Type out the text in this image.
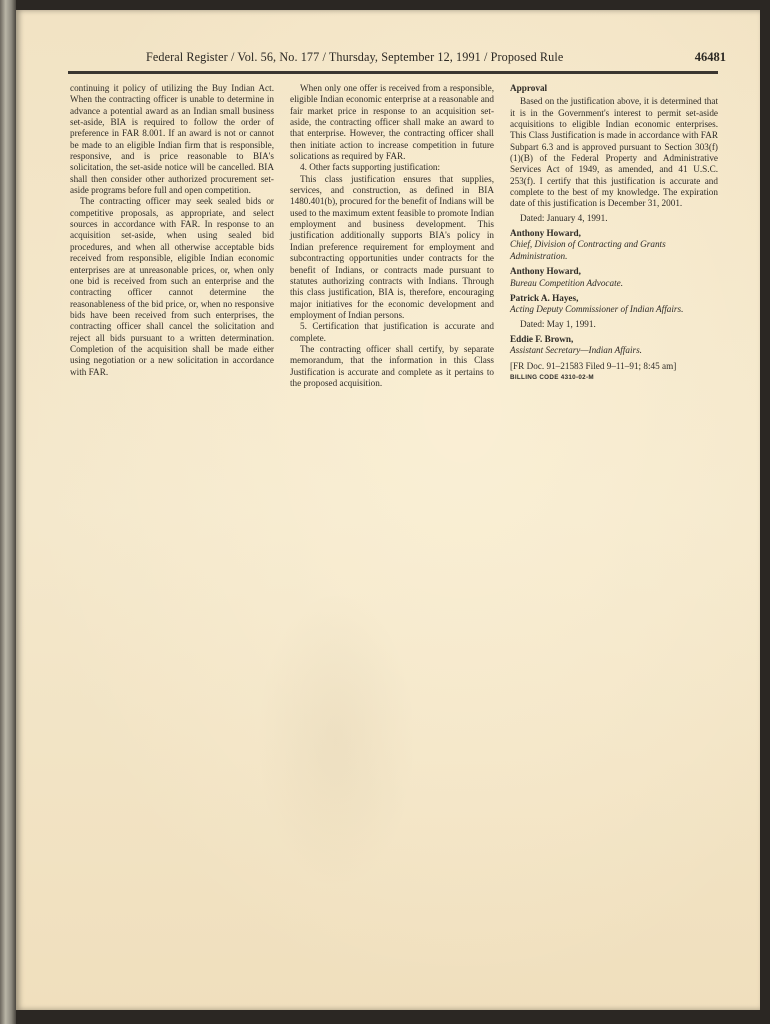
Federal Register / Vol. 56, No. 177 / Thursday, September 12, 1991 / Proposed Rule	46481

continuing it policy of utilizing the Buy Indian Act. When the contracting officer is unable to determine in advance a potential award as an Indian small business set-aside, BIA is required to follow the order of preference in FAR 8.001. If an award is not or cannot be made to an eligible Indian firm that is responsible, responsive, and is price reasonable to BIA's solicitation, the set-aside notice will be cancelled. BIA shall then consider other authorized procurement set-aside programs before full and open competition.

The contracting officer may seek sealed bids or competitive proposals, as appropriate, and select sources in accordance with FAR. In response to an acquisition set-aside, when using sealed bid procedures, and when all otherwise acceptable bids received from responsible, eligible Indian economic enterprises are at unreasonable prices, or, when only one bid is received from such an enterprise and the contracting officer cannot determine the reasonableness of the bid price, or, when no responsive bids have been received from such enterprises, the contracting officer shall cancel the solicitation and reject all bids pursuant to a written determination. Completion of the acquisition shall be made either using negotiation or a new solicitation in accordance with FAR.

When only one offer is received from a responsible, eligible Indian economic enterprise at a reasonable and fair market price in response to an acquisition set-aside, the contracting officer shall make an award to that enterprise. However, the contracting officer shall then initiate action to increase competition in future solications as required by FAR.

4. Other facts supporting justification:

This class justification ensures that supplies, services, and construction, as defined in BIA 1480.401(b), procured for the benefit of Indians will be used to the maximum extent feasible to promote Indian employment and business development. This justification additionally supports BIA's policy in Indian preference requirement for employment and subcontracting opportunities under contracts for the benefit of Indians, or contracts made pursuant to statutes authorizing contracts with Indians. Through this class justification, BIA is, therefore, encouraging major initiatives for the economic development and employment of Indian persons.

5. Certification that justification is accurate and complete.

The contracting officer shall certify, by separate memorandum, that the information in this Class Justification is accurate and complete as it pertains to the proposed acquisition.

Approval

Based on the justification above, it is determined that it is in the Government's interest to permit set-aside acquisitions to eligible Indian economic enterprises. This Class Justification is made in accordance with FAR Subpart 6.3 and is approved pursuant to Section 303(f)(1)(B) of the Federal Property and Administrative Services Act of 1949, as amended, and 41 U.S.C. 253(f). I certify that this justification is accurate and complete to the best of my knowledge. The expiration date of this justification is December 31, 2001.

Dated: January 4, 1991.

Anthony Howard,

Chief, Division of Contracting and Grants Administration.

Anthony Howard,

Bureau Competition Advocate.

Patrick A. Hayes,

Acting Deputy Commissioner of Indian Affairs.

Dated: May 1, 1991.

Eddie F. Brown,

Assistant Secretary—Indian Affairs.

[FR Doc. 91–21583 Filed 9–11–91; 8:45 am]

BILLING CODE 4310-02-M
